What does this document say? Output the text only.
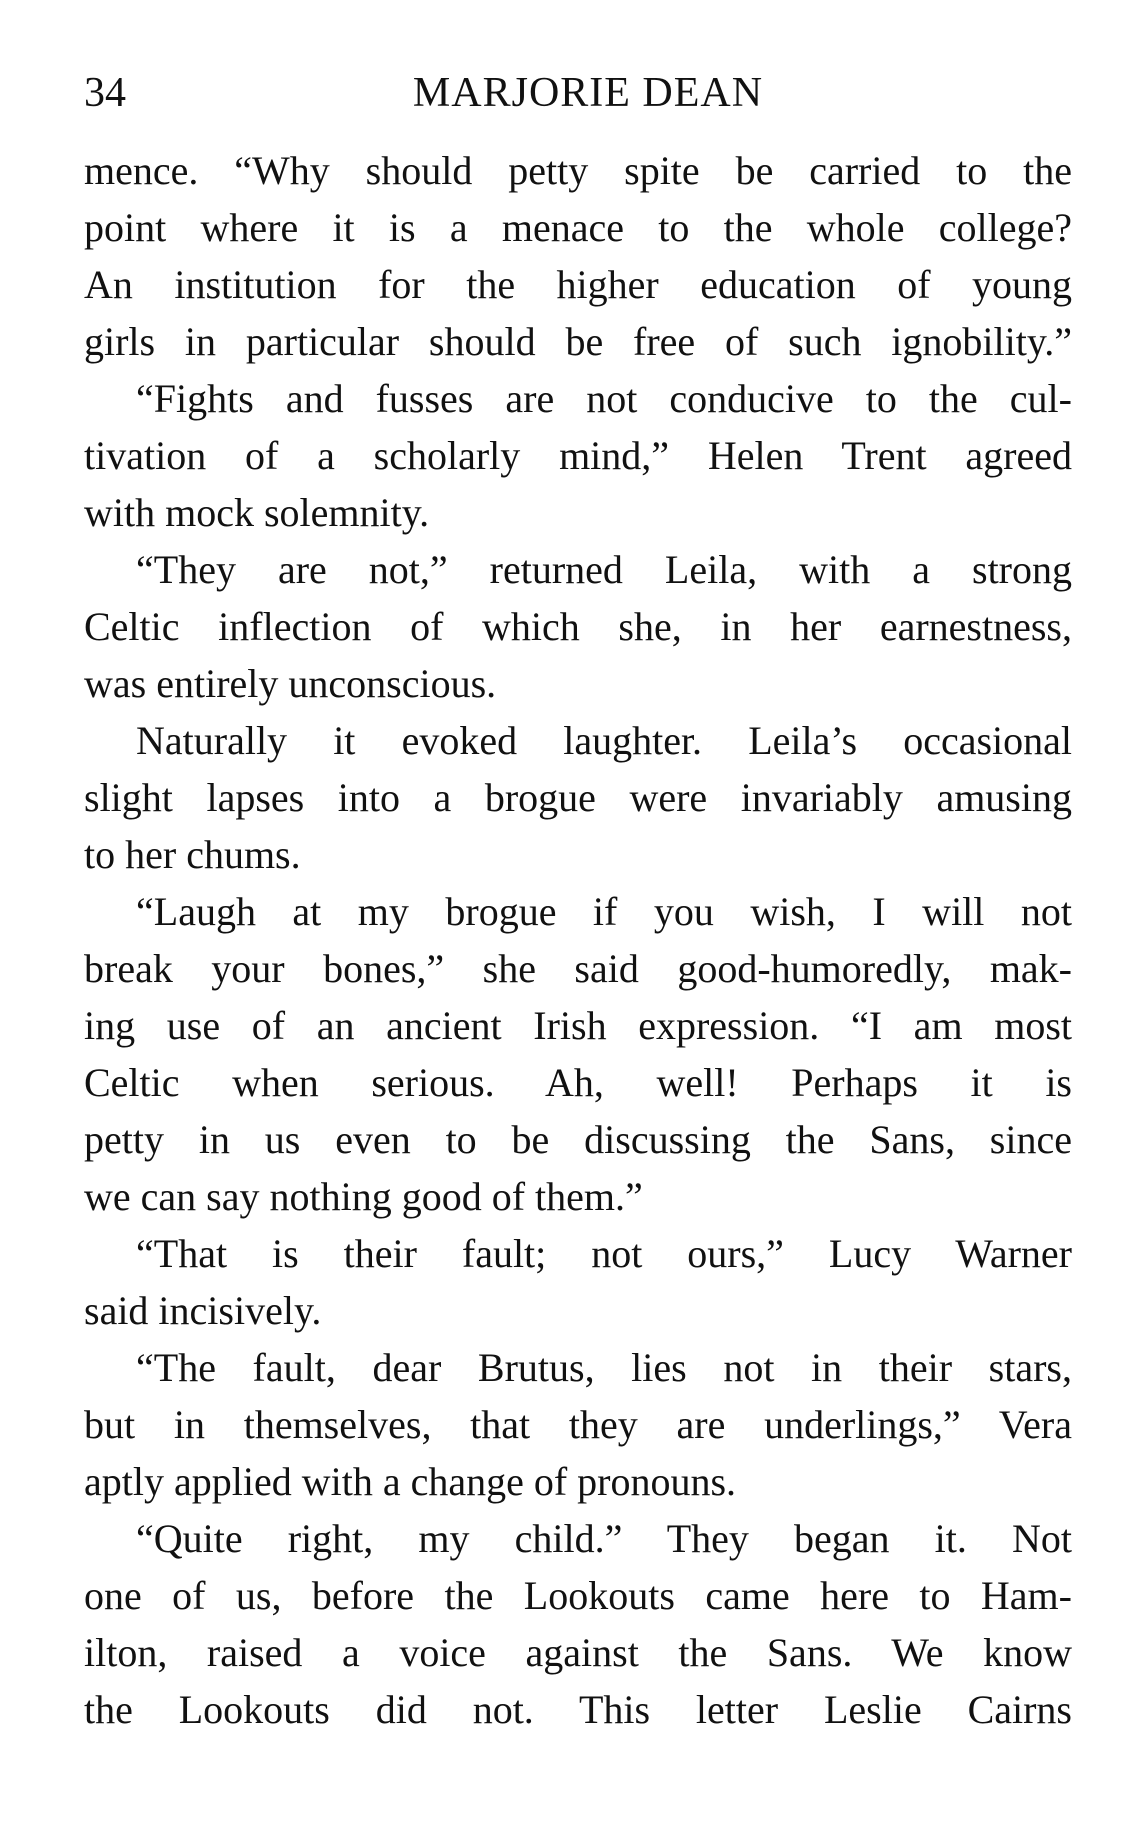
34	MARJORIE DEAN
mence. “Why should petty spite be carried to the
point where it is a menace to the whole college?
An institution for the higher education of young
girls in particular should be free of such ignobility.”
“Fights and fusses are not conducive to the cul-
tivation of a scholarly mind,” Helen Trent agreed
with mock solemnity.
“They are not,” returned Leila, with a strong
Celtic inflection of which she, in her earnestness,
was entirely unconscious.
Naturally it evoked laughter. Leila’s occasional
slight lapses into a brogue were invariably amusing
to her chums.
“Laugh at my brogue if you wish, I will not
break your bones,” she said good-humoredly, mak-
ing use of an ancient Irish expression. “I am most
Celtic when serious. Ah, well! Perhaps it is
petty in us even to be discussing the Sans, since
we can say nothing good of them.”
“That is their fault; not ours,” Lucy Warner
said incisively.
“The fault, dear Brutus, lies not in their stars,
but in themselves, that they are underlings,” Vera
aptly applied with a change of pronouns.
“Quite right, my child.” They began it. Not
one of us, before the Lookouts came here to Ham-
ilton, raised a voice against the Sans. We know
the Lookouts did not. This letter Leslie Cairns
